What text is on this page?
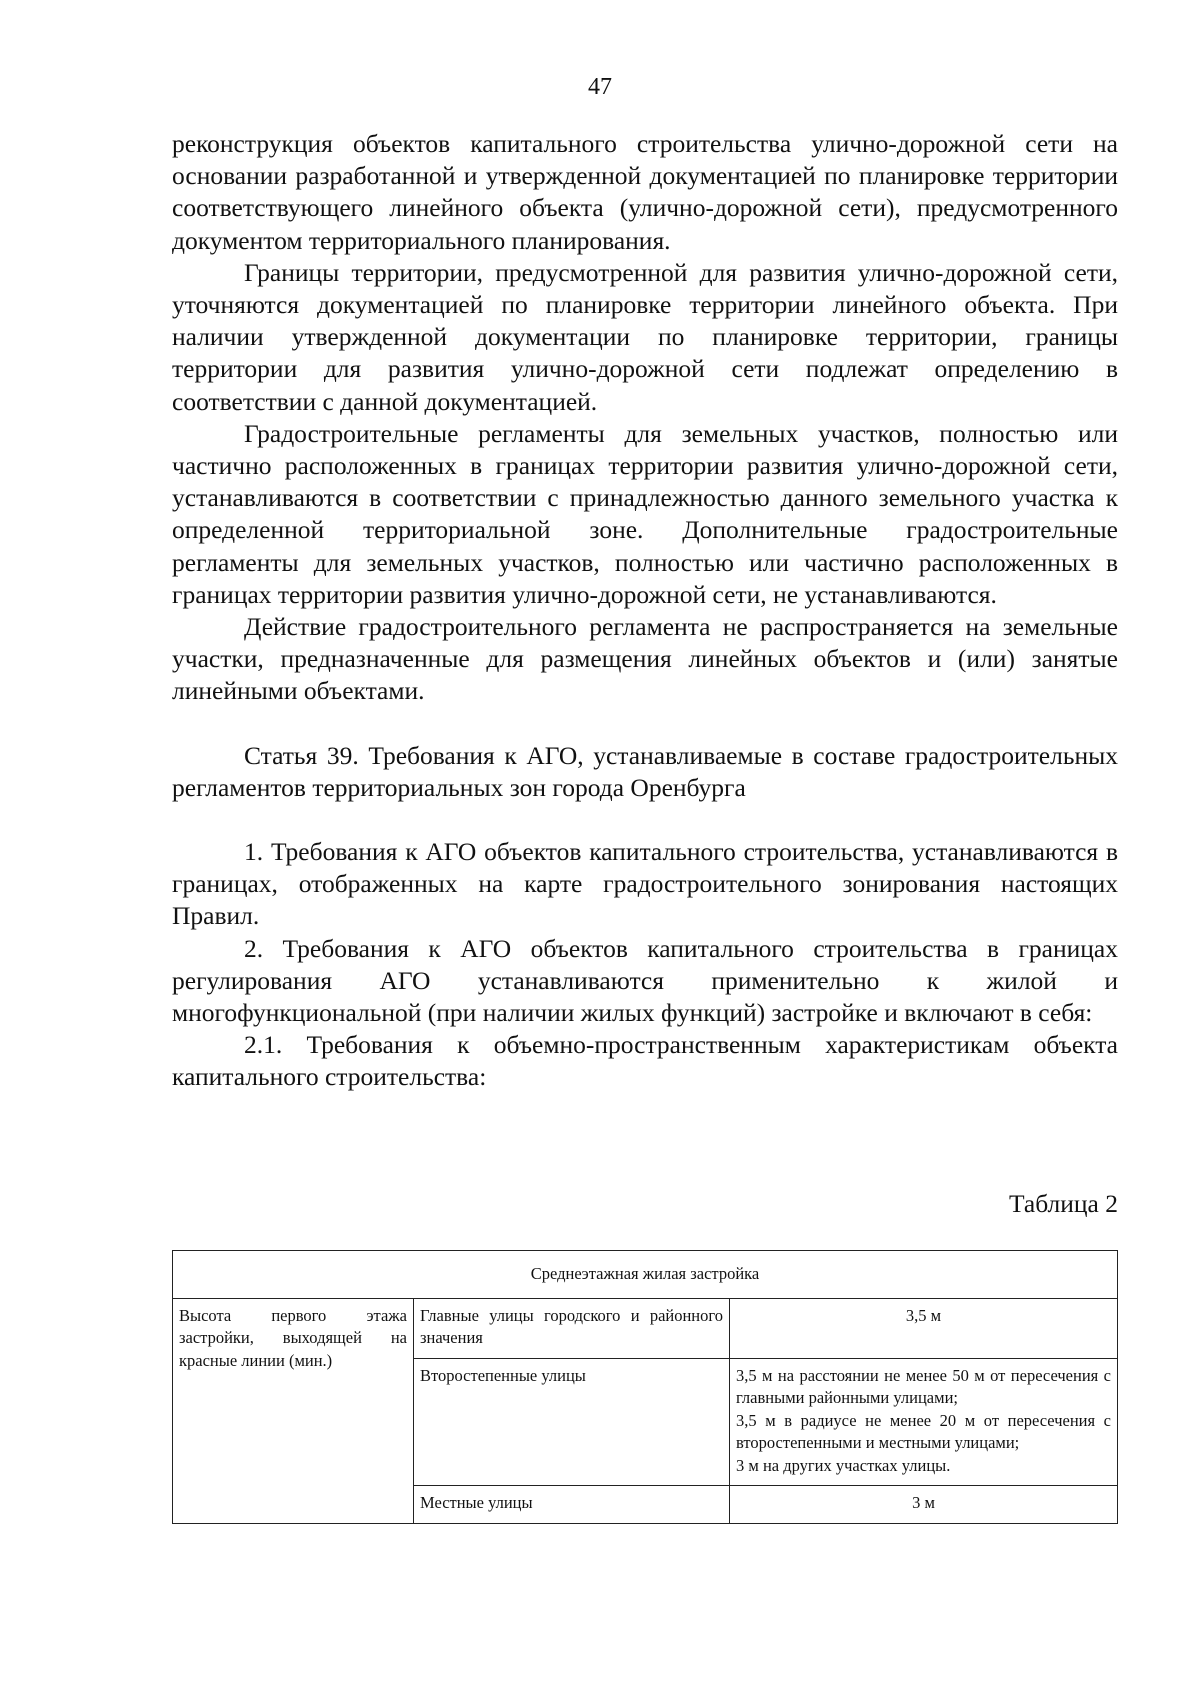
47

реконструкция объектов капитального строительства улично-дорожной сети на основании разработанной и утвержденной документацией по планировке территории соответствующего линейного объекта (улично-дорожной сети), предусмотренного документом территориального планирования.

Границы территории, предусмотренной для развития улично-дорожной сети, уточняются документацией по планировке территории линейного объекта. При наличии утвержденной документации по планировке территории, границы территории для развития улично-дорожной сети подлежат определению в соответствии с данной документацией.

Градостроительные регламенты для земельных участков, полностью или частично расположенных в границах территории развития улично-дорожной сети, устанавливаются в соответствии с принадлежностью данного земельного участка к определенной территориальной зоне. Дополнительные градостроительные регламенты для земельных участков, полностью или частично расположенных в границах территории развития улично-дорожной сети, не устанавливаются.

Действие градостроительного регламента не распространяется на земельные участки, предназначенные для размещения линейных объектов и (или) занятые линейными объектами.

Статья 39. Требования к АГО, устанавливаемые в составе градостроительных регламентов территориальных зон города Оренбурга

1. Требования к АГО объектов капитального строительства, устанавливаются в границах, отображенных на карте градостроительного зонирования настоящих Правил.

2. Требования к АГО объектов капитального строительства в границах регулирования АГО устанавливаются применительно к жилой и многофункциональной (при наличии жилых функций) застройке и включают в себя:

2.1. Требования к объемно-пространственным характеристикам объекта капитального строительства:

Таблица 2
Среднеэтажная жилая застройка		
Высота первого этажа застройки, выходящей на красные линии (мин.)	Главные улицы городского и районного значения	3,5 м
	Второстепенные улицы	3,5 м на расстоянии не менее 50 м от пересечения с главными районными улицами;
3,5 м в радиусе не менее 20 м от пересечения с второстепенными и местными улицами;
3 м на других участках улицы.

	Местные улицы	3 м
